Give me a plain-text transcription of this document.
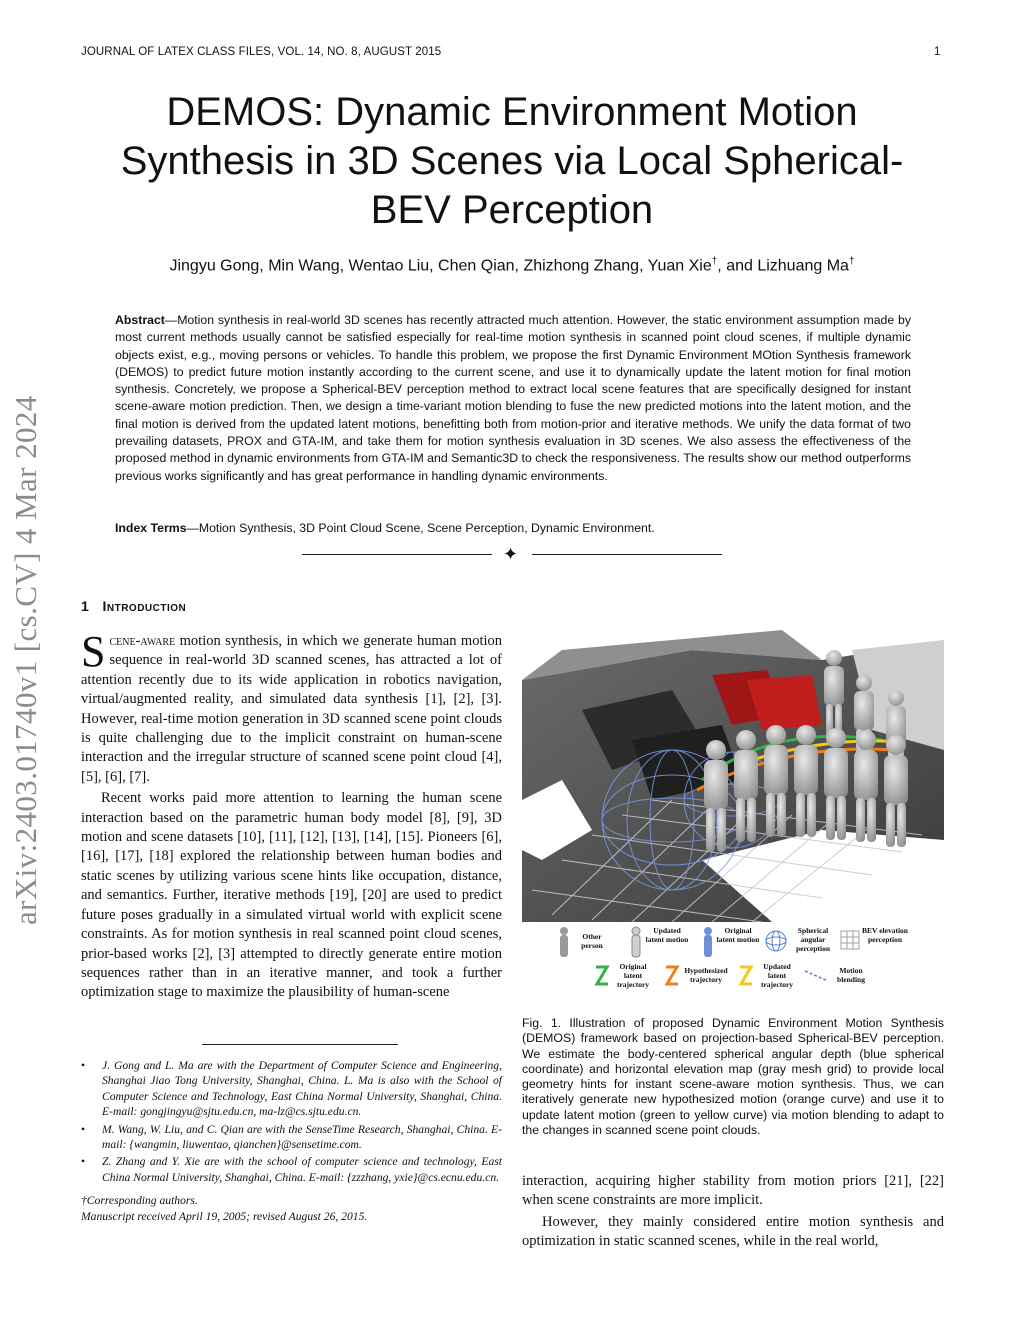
JOURNAL OF LATEX CLASS FILES, VOL. 14, NO. 8, AUGUST 2015	1
DEMOS: Dynamic Environment Motion Synthesis in 3D Scenes via Local Spherical-BEV Perception
Jingyu Gong, Min Wang, Wentao Liu, Chen Qian, Zhizhong Zhang, Yuan Xie†, and Lizhuang Ma†
Abstract—Motion synthesis in real-world 3D scenes has recently attracted much attention. However, the static environment assumption made by most current methods usually cannot be satisfied especially for real-time motion synthesis in scanned point cloud scenes, if multiple dynamic objects exist, e.g., moving persons or vehicles. To handle this problem, we propose the first Dynamic Environment MOtion Synthesis framework (DEMOS) to predict future motion instantly according to the current scene, and use it to dynamically update the latent motion for final motion synthesis. Concretely, we propose a Spherical-BEV perception method to extract local scene features that are specifically designed for instant scene-aware motion prediction. Then, we design a time-variant motion blending to fuse the new predicted motions into the latent motion, and the final motion is derived from the updated latent motions, benefitting both from motion-prior and iterative methods. We unify the data format of two prevailing datasets, PROX and GTA-IM, and take them for motion synthesis evaluation in 3D scenes. We also assess the effectiveness of the proposed method in dynamic environments from GTA-IM and Semantic3D to check the responsiveness. The results show our method outperforms previous works significantly and has great performance in handling dynamic environments.
Index Terms—Motion Synthesis, 3D Point Cloud Scene, Scene Perception, Dynamic Environment.
✦
arXiv:2403.01740v1 [cs.CV] 4 Mar 2024	1 Introduction

Scene-aware motion synthesis, in which we generate human motion sequence in real-world 3D scanned scenes, has attracted a lot of attention recently due to its wide application in robotics navigation, virtual/augmented reality, and simulated data synthesis [1], [2], [3]. However, real-time motion generation in 3D scanned scene point clouds is quite challenging due to the implicit constraint on human-scene interaction and the irregular structure of scanned scene point cloud [4], [5], [6], [7].

Recent works paid more attention to learning the human scene interaction based on the parametric human body model [8], [9], 3D motion and scene datasets [10], [11], [12], [13], [14], [15]. Pioneers [6], [16], [17], [18] explored the relationship between human bodies and static scenes by utilizing various scene hints like occupation, distance, and semantics. Further, iterative methods [19], [20] are used to predict future poses gradually in a simulated virtual world with explicit scene constraints. As for motion synthesis in real scanned point cloud scenes, prior-based works [2], [3] attempted to directly generate entire motion sequences rather than in an iterative manner, and took a further optimization stage to maximize the plausibility of human-scene

• J. Gong and L. Ma are with the Department of Computer Science and Engineering, Shanghai Jiao Tong University, Shanghai, China. L. Ma is also with the School of Computer Science and Technology, East China Normal University, Shanghai, China. E-mail: gongjingyu@sjtu.edu.cn, ma-lz@cs.sjtu.edu.cn.
• M. Wang, W. Liu, and C. Qian are with the SenseTime Research, Shanghai, China. E-mail: {wangmin, liuwentao, qianchen}@sensetime.com.
• Z. Zhang and Y. Xie are with the school of computer science and technology, East China Normal University, Shanghai, China. E-mail: {zzzhang, yxie}@cs.ecnu.edu.cn.
†Corresponding authors.
Manuscript received April 19, 2005; revised August 26, 2015.
Other person
Updated latent motion
Original latent motion
Spherical angular perception
BEV elevation perception
Original latent trajectory
Hypothesized trajectory
Updated latent trajectory
Motion blending
Fig. 1. Illustration of proposed Dynamic Environment Motion Synthesis (DEMOS) framework based on projection-based Spherical-BEV perception. We estimate the body-centered spherical angular depth (blue spherical coordinate) and horizontal elevation map (gray mesh grid) to provide local geometry hints for instant scene-aware motion synthesis. Thus, we can iteratively generate new hypothesized motion (orange curve) and use it to update latent motion (green to yellow curve) via motion blending to adapt to the changes in scanned scene point clouds.

interaction, acquiring higher stability from motion priors [21], [22] when scene constraints are more implicit.

However, they mainly considered entire motion synthesis and optimization in static scanned scenes, while in the real world,
